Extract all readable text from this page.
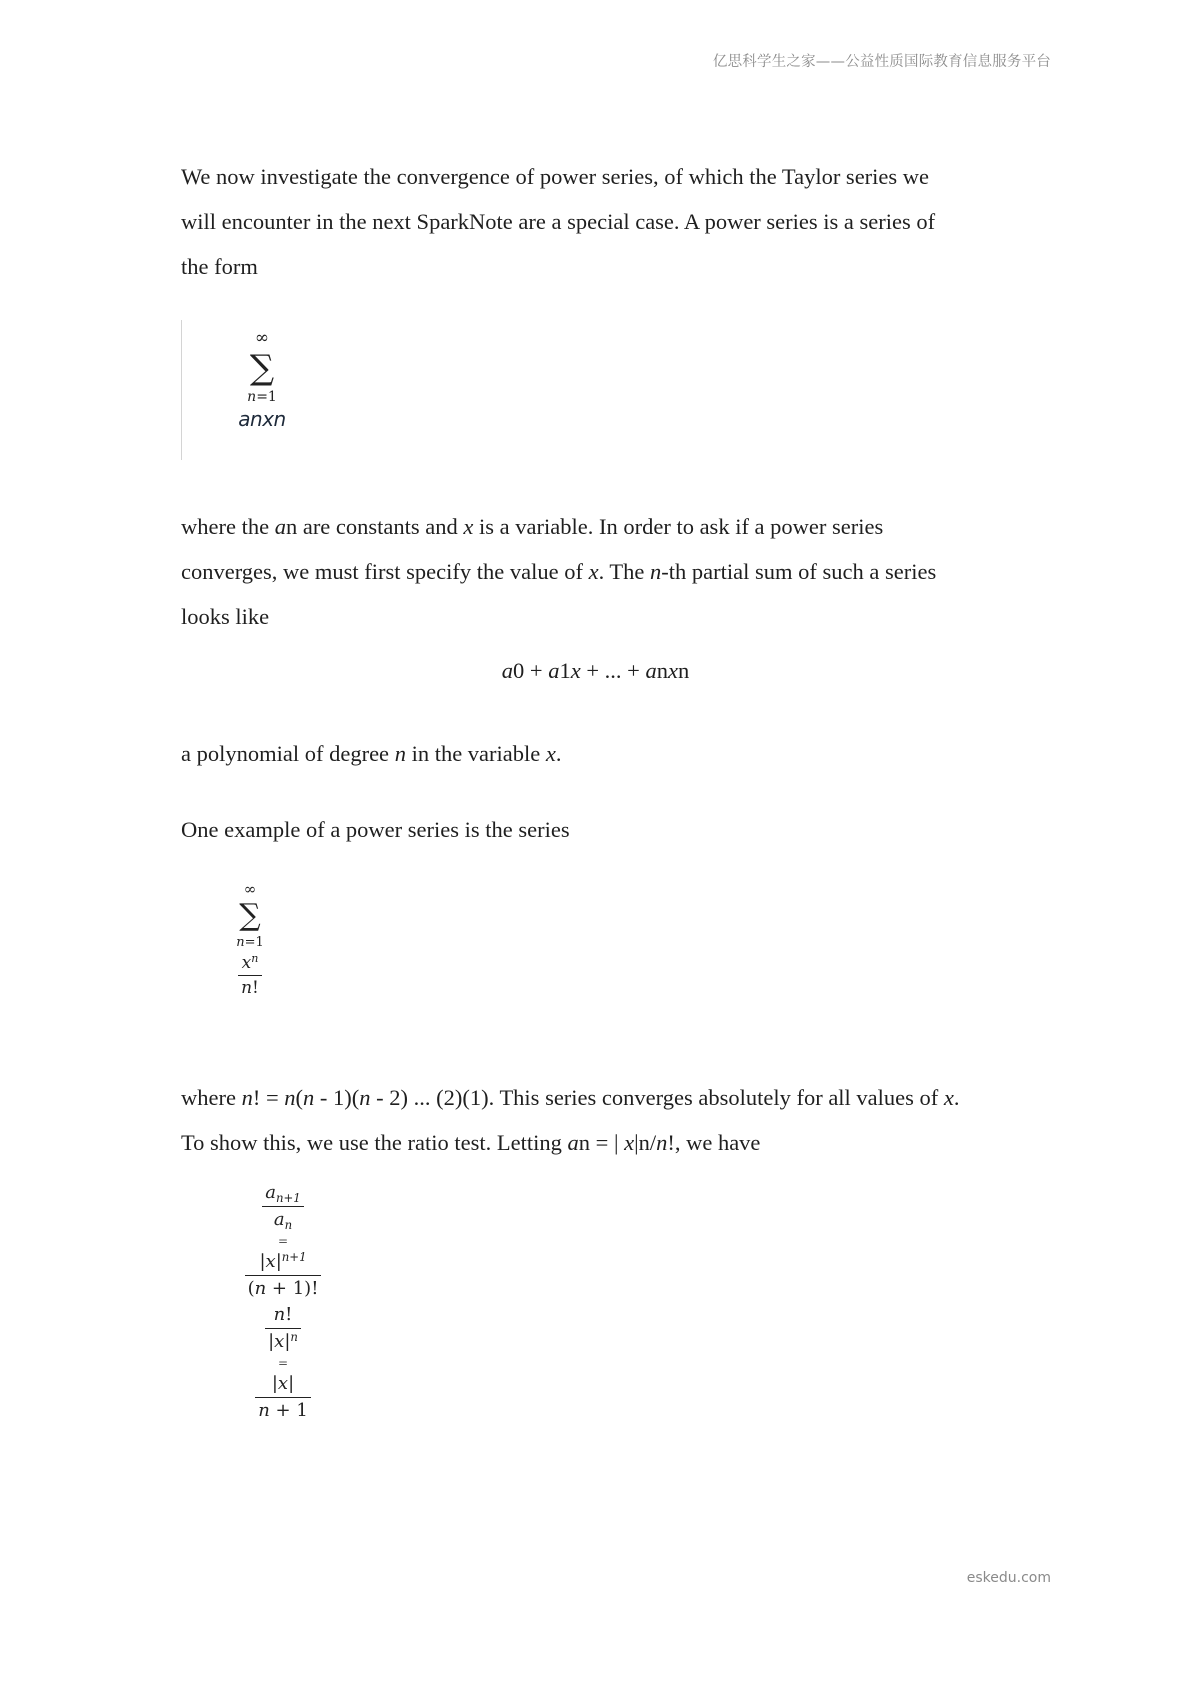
亿思科学生之家——公益性质国际教育信息服务平台
We now investigate the convergence of power series, of which the Taylor series we
will encounter in the next SparkNote are a special case. A power series is a series of
the form
∞
∑
n=1
anxn
where the an are constants and x is a variable. In order to ask if a power series
converges, we must first specify the value of x. The n-th partial sum of such a series
looks like
a0 + a1x + ... + anxn
a polynomial of degree n in the variable x.
One example of a power series is the series
∞
∑
n=1
$\frac{x^n}{n!}$
where n! = n(n - 1)(n - 2) ... (2)(1). This series converges absolutely for all values of x.
To show this, we use the ratio test. Letting an = | x|n/n!, we have
$a_{n+1}$
$a_n$
=
$|x|^{n+1}$
(n + 1)!
n!
$|x|^n$
=
|x|
n + 1
eskedu.com
